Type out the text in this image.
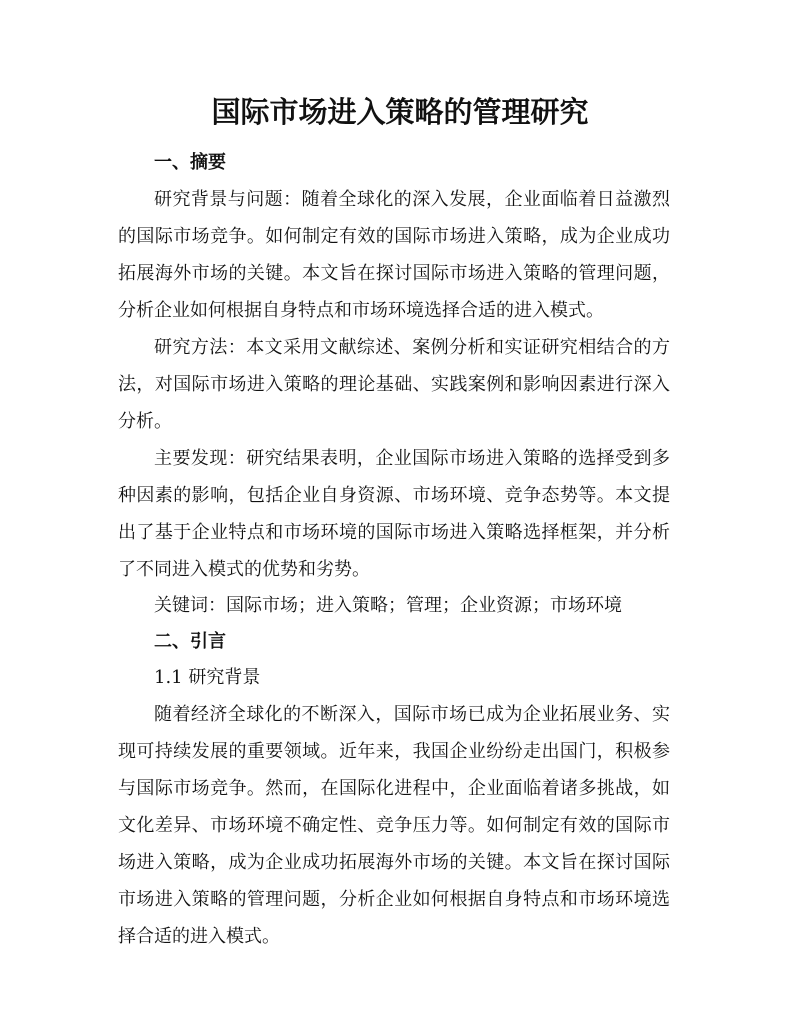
国际市场进入策略的管理研究
一、摘要

研究背景与问题：随着全球化的深入发展，企业面临着日益激烈的国际市场竞争。如何制定有效的国际市场进入策略，成为企业成功拓展海外市场的关键。本文旨在探讨国际市场进入策略的管理问题，分析企业如何根据自身特点和市场环境选择合适的进入模式。

研究方法：本文采用文献综述、案例分析和实证研究相结合的方法，对国际市场进入策略的理论基础、实践案例和影响因素进行深入分析。

主要发现：研究结果表明，企业国际市场进入策略的选择受到多种因素的影响，包括企业自身资源、市场环境、竞争态势等。本文提出了基于企业特点和市场环境的国际市场进入策略选择框架，并分析了不同进入模式的优势和劣势。

关键词：国际市场；进入策略；管理；企业资源；市场环境
二、引言
1.1 研究背景

随着经济全球化的不断深入，国际市场已成为企业拓展业务、实现可持续发展的重要领域。近年来，我国企业纷纷走出国门，积极参与国际市场竞争。然而，在国际化进程中，企业面临着诸多挑战，如文化差异、市场环境不确定性、竞争压力等。如何制定有效的国际市场进入策略，成为企业成功拓展海外市场的关键。本文旨在探讨国际市场进入策略的管理问题，分析企业如何根据自身特点和市场环境选择合适的进入模式。
